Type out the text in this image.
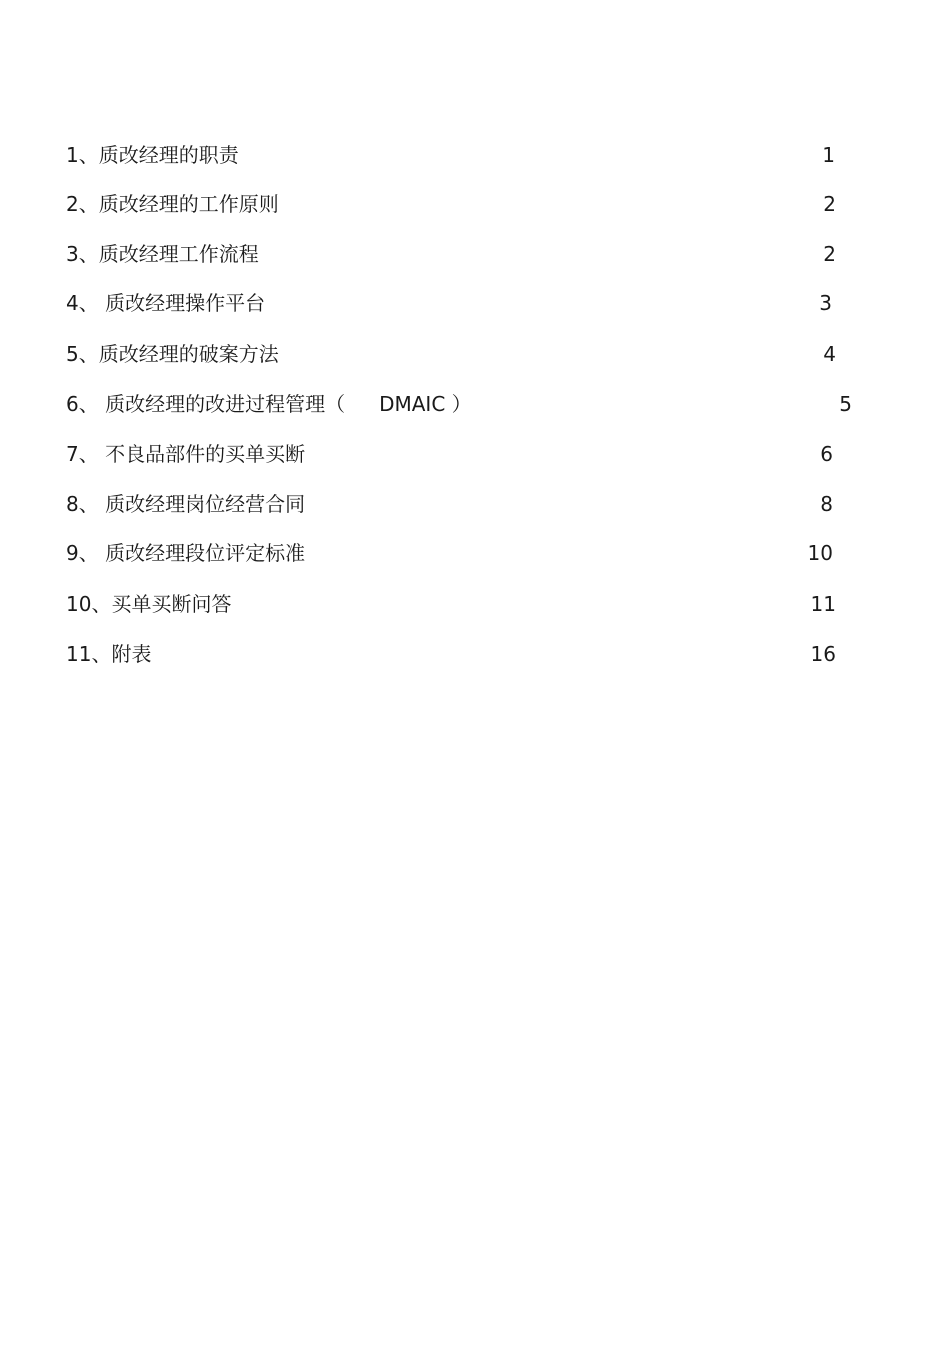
1、质改经理的职责	1
2、质改经理的工作原则	2
3、质改经理工作流程	2
4、 质改经理操作平台	3
5、质改经理的破案方法	4
6、 质改经理的改进过程管理（ DMAIC ）	5
7、 不良品部件的买单买断	6
8、 质改经理岗位经营合同	8
9、 质改经理段位评定标准	10
10、买单买断问答	11
11、附表	16
